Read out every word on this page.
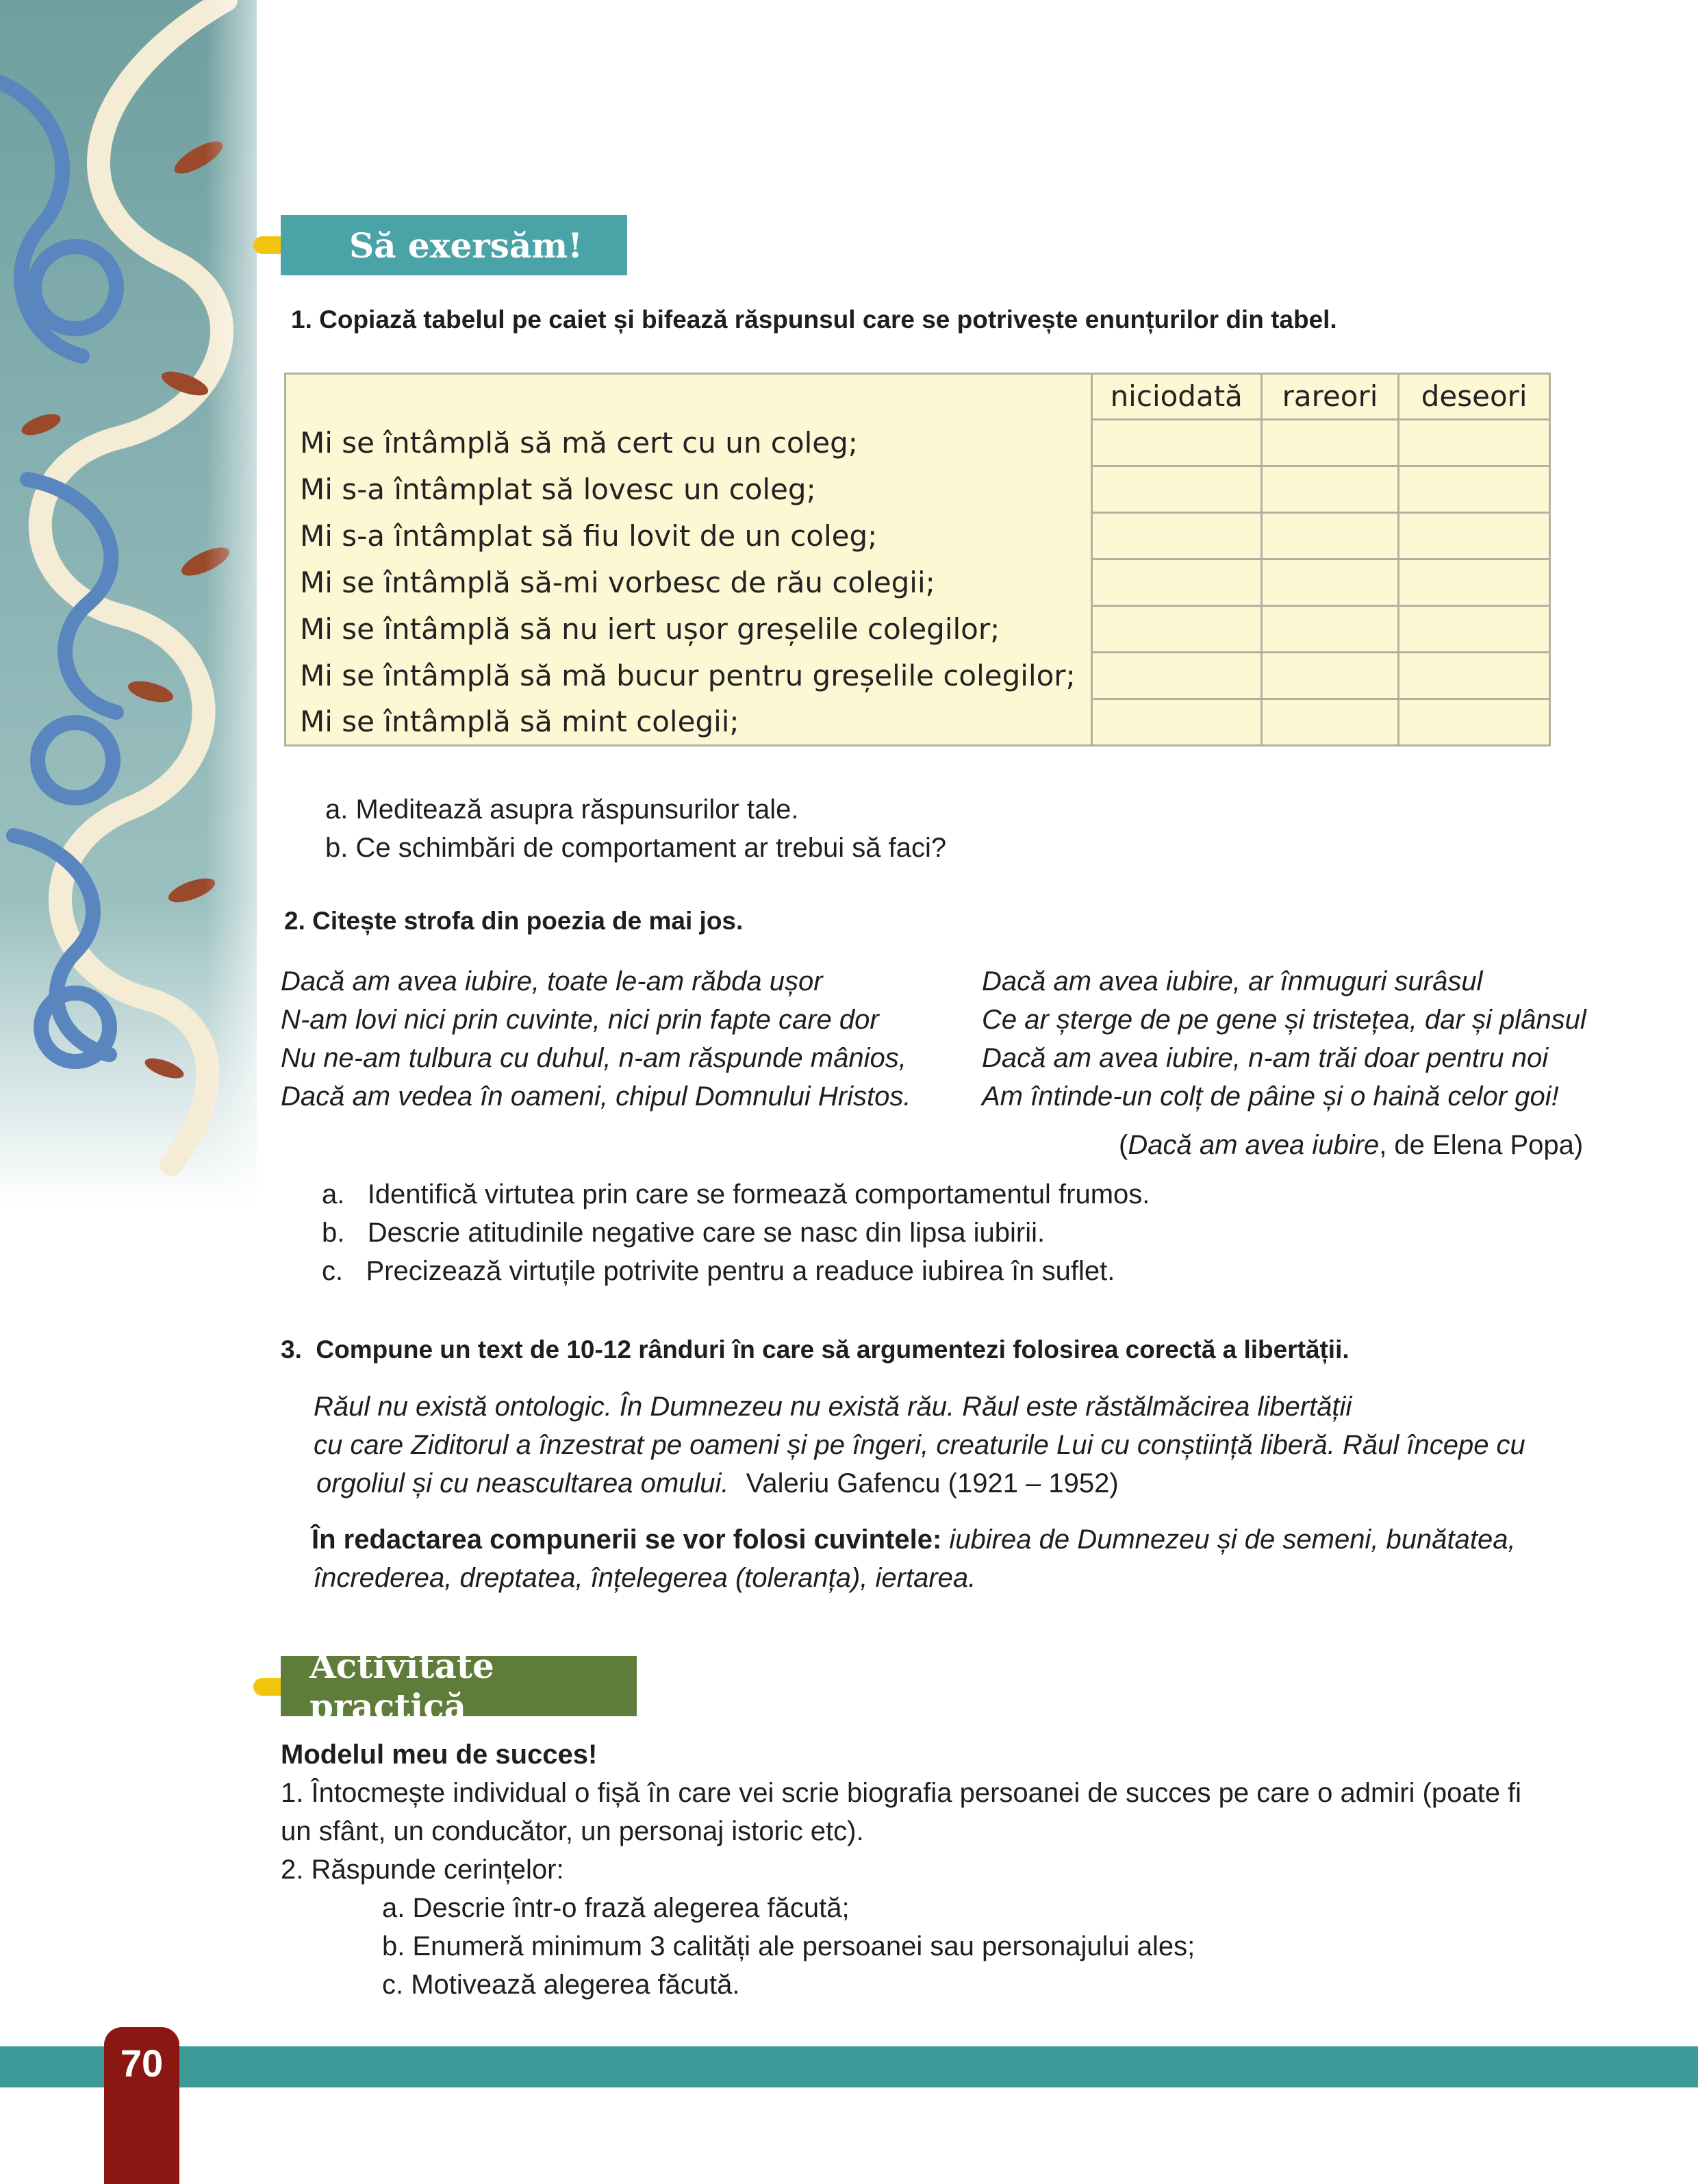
Să exersăm!
1. Copiază tabelul pe caiet și bifează răspunsul care se potrivește enunțurilor din tabel.
	niciodată	rareori	deseori
Mi se întâmplă să mă cert cu un coleg;			
Mi s-a întâmplat să lovesc un coleg;			
Mi s-a întâmplat să fiu lovit de un coleg;			
Mi se întâmplă să-mi vorbesc de rău colegii;			
Mi se întâmplă să nu iert ușor greșelile colegilor;			
Mi se întâmplă să mă bucur pentru greșelile colegilor;			
Mi se întâmplă să mint colegii;			
a. Meditează asupra răspunsurilor tale.
b. Ce schimbări de comportament ar trebui să faci?
2. Citește strofa din poezia de mai jos.
Dacă am avea iubire, toate le-am răbda ușor
N-am lovi nici prin cuvinte, nici prin fapte care dor
Nu ne-am tulbura cu duhul, n-am răspunde mânios,
Dacă am vedea în oameni, chipul Domnului Hristos.
Dacă am avea iubire, ar înmuguri surâsul
Ce ar șterge de pe gene și tristețea, dar și plânsul
Dacă am avea iubire, n-am trăi doar pentru noi
Am întinde-un colț de pâine și o haină celor goi!
(Dacă am avea iubire, de Elena Popa)
a.   Identifică virtutea prin care se formează comportamentul frumos.
b.   Descrie atitudinile negative care se nasc din lipsa iubirii.
c.   Precizează virtuțile potrivite pentru a readuce iubirea în suflet.
3.  Compune un text de 10-12 rânduri în care să argumentezi folosirea corectă a libertății.
Răul nu există ontologic. În Dumnezeu nu există rău. Răul este răstălmăcirea libertății
cu care Ziditorul a înzestrat pe oameni și pe îngeri, creaturile Lui cu conștiință liberă. Răul începe cu
orgoliul și cu neascultarea omului. Valeriu Gafencu (1921 – 1952)
În redactarea compunerii se vor folosi cuvintele: iubirea de Dumnezeu și de semeni, bunătatea,
încrederea, dreptatea, înțelegerea (toleranța), iertarea.
Activitate practică
Modelul meu de succes!
1. Întocmește individual o fișă în care vei scrie biografia persoanei de succes pe care o admiri (poate fi
un sfânt, un conducător, un personaj istoric etc).
2. Răspunde cerințelor:
a. Descrie într-o frază alegerea făcută;
b. Enumeră minimum 3 calități ale persoanei sau personajului ales;
c. Motivează alegerea făcută.
70
